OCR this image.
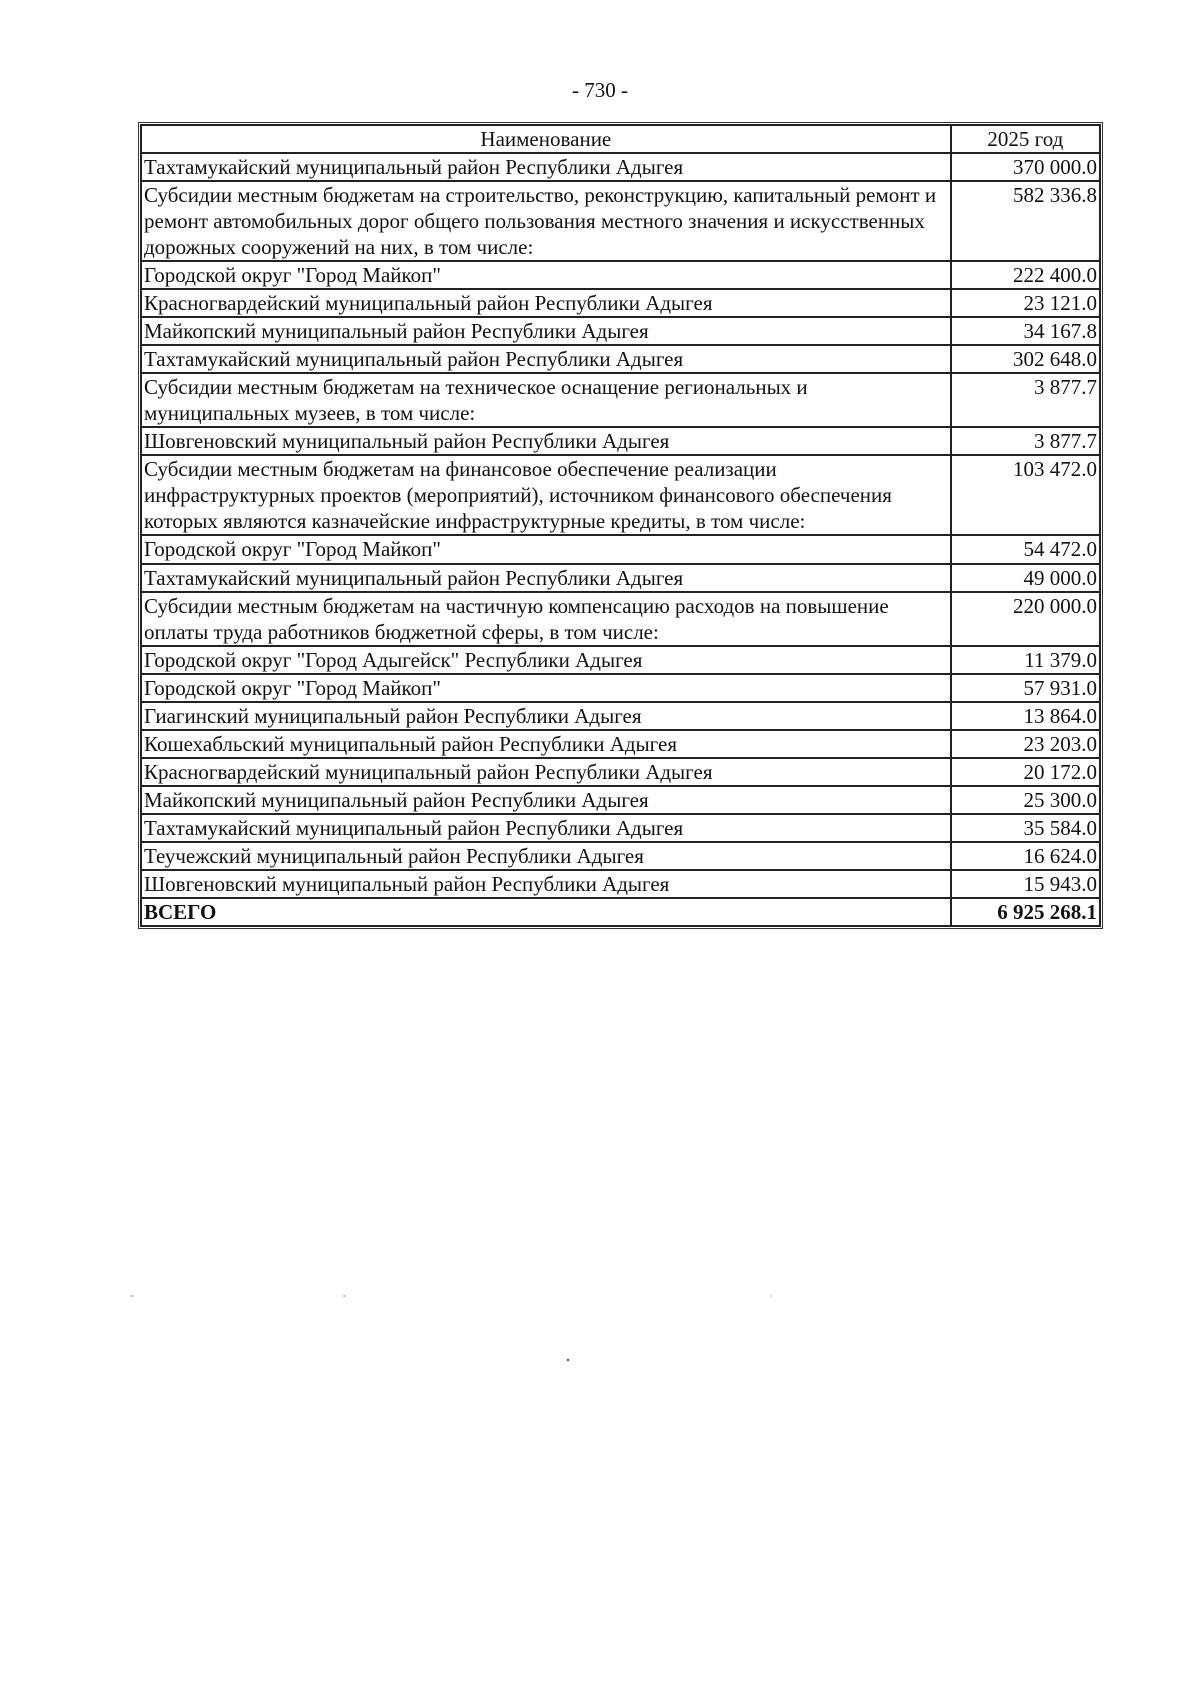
- 730 -
Наименование	2025 год
Тахтамукайский муниципальный район Республики Адыгея	370 000.0
Субсидии местным бюджетам на строительство, реконструкцию, капитальный ремонт и ремонт автомобильных дорог общего пользования местного значения и искусственных дорожных сооружений на них, в том числе:	582 336.8
Городской округ "Город Майкоп"	222 400.0
Красногвардейский муниципальный район Республики Адыгея	23 121.0
Майкопский муниципальный район Республики Адыгея	34 167.8
Тахтамукайский муниципальный район Республики Адыгея	302 648.0
Субсидии местным бюджетам на техническое оснащение региональных и муниципальных музеев, в том числе:	3 877.7
Шовгеновский муниципальный район Республики Адыгея	3 877.7
Субсидии местным бюджетам на финансовое обеспечение реализации инфраструктурных проектов (мероприятий), источником финансового обеспечения которых являются казначейские инфраструктурные кредиты, в том числе:	103 472.0
Городской округ "Город Майкоп"	54 472.0
Тахтамукайский муниципальный район Республики Адыгея	49 000.0
Субсидии местным бюджетам на частичную компенсацию расходов на повышение оплаты труда работников бюджетной сферы, в том числе:	220 000.0
Городской округ "Город Адыгейск" Республики Адыгея	11 379.0
Городской округ "Город Майкоп"	57 931.0
Гиагинский муниципальный район Республики Адыгея	13 864.0
Кошехабльский муниципальный район Республики Адыгея	23 203.0
Красногвардейский муниципальный район Республики Адыгея	20 172.0
Майкопский муниципальный район Республики Адыгея	25 300.0
Тахтамукайский муниципальный район Республики Адыгея	35 584.0
Теучежский муниципальный район Республики Адыгея	16 624.0
Шовгеновский муниципальный район Республики Адыгея	15 943.0
ВСЕГО	6 925 268.1
